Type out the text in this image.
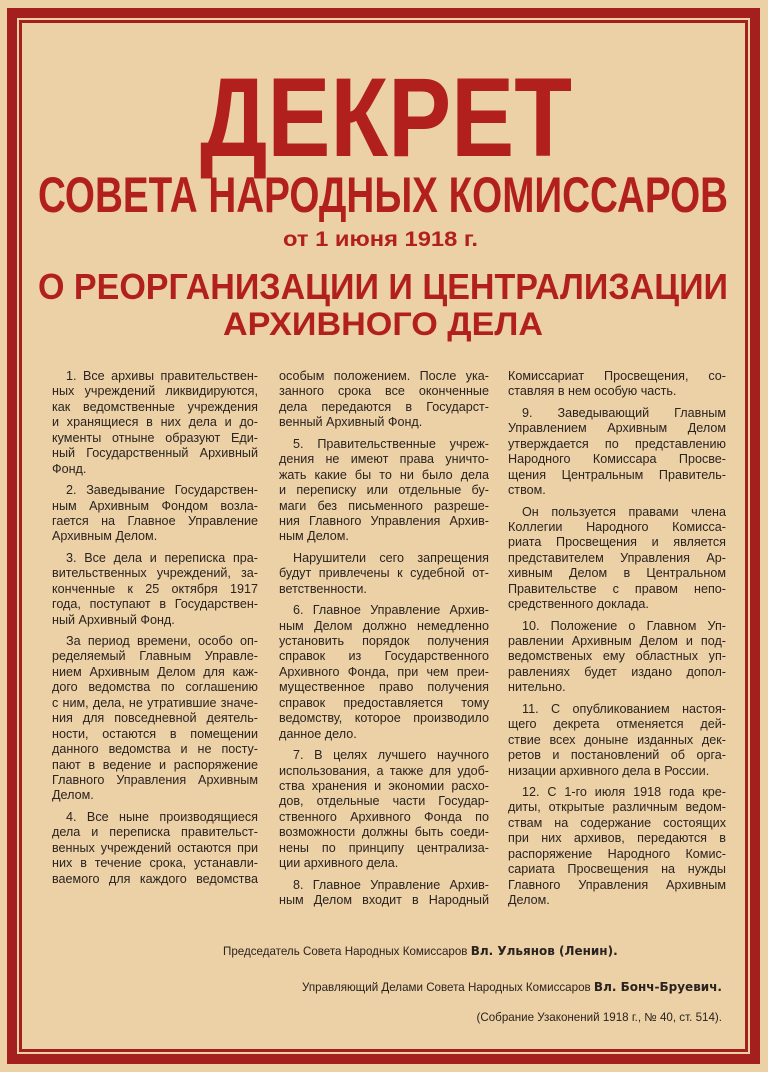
ДЕКРЕТ
СОВЕТА НАРОДНЫХ КОМИССАРОВ
от 1 июня 1918 г.
О РЕОРГАНИЗАЦИИ И ЦЕНТРАЛИЗАЦИИ
АРХИВНОГО ДЕЛА
1. Все архивы правительствен-
ных учреждений ликвидируются,
как ведомственные учреждения
и хранящиеся в них дела и до-
кументы отныне образуют Еди-
ный Государственный Архивный
Фонд.
2. Заведывание Государствен-
ным Архивным Фондом возла-
гается на Главное Управление
Архивным Делом.
3. Все дела и переписка пра-
вительственных учреждений, за-
конченные к 25 октября 1917
года, поступают в Государствен-
ный Архивный Фонд.
За период времени, особо оп-
ределяемый Главным Управле-
нием Архивным Делом для каж-
дого ведомства по соглашению
с ним, дела, не утратившие значе-
ния для повседневной деятель-
ности, остаются в помещении
данного ведомства и не посту-
пают в ведение и распоряжение
Главного Управления Архивным
Делом.
4. Все ныне производящиеся
дела и переписка правительст-
венных учреждений остаются при
них в течение срока, устанавли-
ваемого для каждого ведомства
особым положением. После ука-
занного срока все оконченные
дела передаются в Государст-
венный Архивный Фонд.
5. Правительственные учреж-
дения не имеют права уничто-
жать какие бы то ни было дела
и переписку или отдельные бу-
маги без письменного разреше-
ния Главного Управления Архив-
ным Делом.
Нарушители сего запрещения
будут привлечены к судебной от-
ветственности.
6. Главное Управление Архив-
ным Делом должно немедленно
установить порядок получения
справок из Государственного
Архивного Фонда, при чем преи-
мущественное право получения
справок предоставляется тому
ведомству, которое производило
данное дело.
7. В целях лучшего научного
использования, а также для удоб-
ства хранения и экономии расхо-
дов, отдельные части Государ-
ственного Архивного Фонда по
возможности должны быть соеди-
нены по принципу централиза-
ции архивного дела.
8. Главное Управление Архив-
ным Делом входит в Народный
Комиссариат Просвещения, со-
ставляя в нем особую часть.
9. Заведывающий Главным
Управлением Архивным Делом
утверждается по представлению
Народного Комиссара Просве-
щения Центральным Правитель-
ством.
Он пользуется правами члена
Коллегии Народного Комисса-
риата Просвещения и является
представителем Управления Ар-
хивным Делом в Центральном
Правительстве с правом непо-
средственного доклада.
10. Положение о Главном Уп-
равлении Архивным Делом и под-
ведомственых ему областных уп-
равлениях будет издано допол-
нительно.
11. С опубликованием настоя-
щего декрета отменяется дей-
ствие всех доныне изданных дек-
ретов и постановлений об орга-
низации архивного дела в России.
12. С 1-го июля 1918 года кре-
диты, открытые различным ведом-
ствам на содержание состоящих
при них архивов, передаются в
распоряжение Народного Комис-
сариата Просвещения на нужды
Главного Управления Архивным
Делом.
Председатель Совета Народных Комиссаров Вл. Ульянов (Ленин).
Управляющий Делами Совета Народных Комиссаров Вл. Бонч-Бруевич.
(Собрание Узаконений 1918 г., № 40, ст. 514).
